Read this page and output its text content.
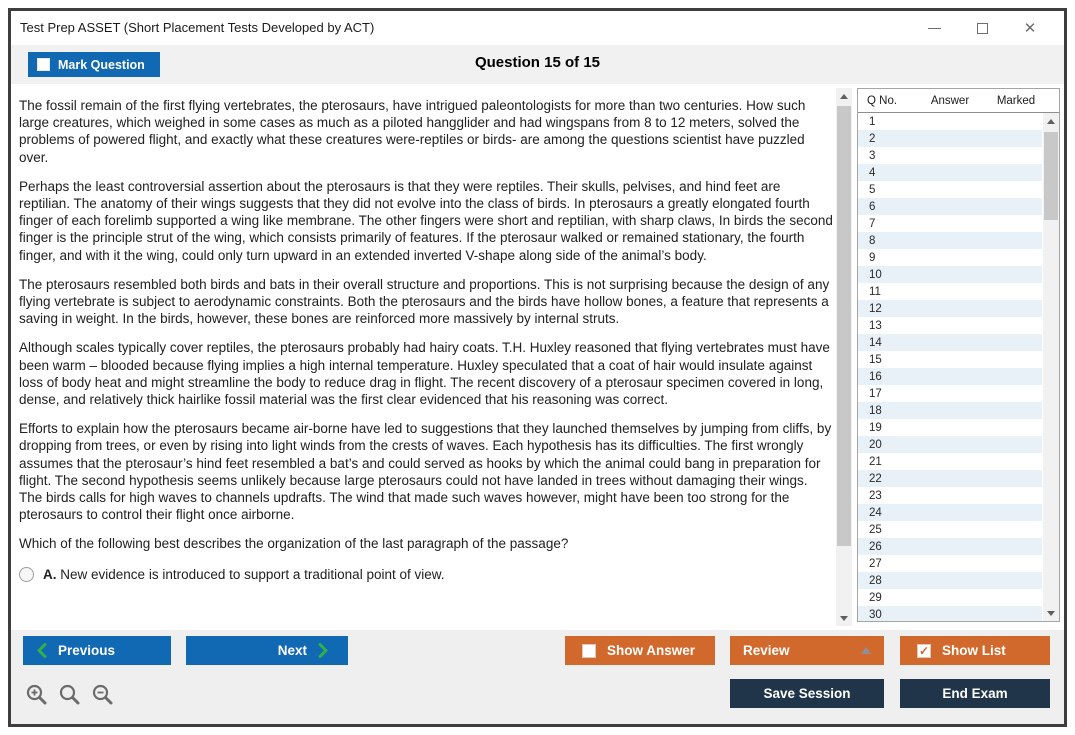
Test Prep ASSET (Short Placement Tests Developed by ACT)	✕
Question 15 of 15
Mark Question

The fossil remain of the first flying vertebrates, the pterosaurs, have intrigued paleontologists for more than two centuries. How such large creatures, which weighed in some cases as much as a piloted hangglider and had wingspans from 8 to 12 meters, solved the problems of powered flight, and exactly what these creatures were-reptiles or birds- are among the questions scientist have puzzled over.

Perhaps the least controversial assertion about the pterosaurs is that they were reptiles. Their skulls, pelvises, and hind feet are reptilian. The anatomy of their wings suggests that they did not evolve into the class of birds. In pterosaurs a greatly elongated fourth finger of each forelimb supported a wing like membrane. The other fingers were short and reptilian, with sharp claws, In birds the second finger is the principle strut of the wing, which consists primarily of features. If the pterosaur walked or remained stationary, the fourth finger, and with it the wing, could only turn upward in an extended inverted V-shape along side of the animal’s body.

The pterosaurs resembled both birds and bats in their overall structure and proportions. This is not surprising because the design of any flying vertebrate is subject to aerodynamic constraints. Both the pterosaurs and the birds have hollow bones, a feature that represents a saving in weight. In the birds, however, these bones are reinforced more massively by internal struts.

Although scales typically cover reptiles, the pterosaurs probably had hairy coats. T.H. Huxley reasoned that flying vertebrates must have been warm – blooded because flying implies a high internal temperature. Huxley speculated that a coat of hair would insulate against loss of body heat and might streamline the body to reduce drag in flight. The recent discovery of a pterosaur specimen covered in long, dense, and relatively thick hairlike fossil material was the first clear evidenced that his reasoning was correct.

Efforts to explain how the pterosaurs became air-borne have led to suggestions that they launched themselves by jumping from cliffs, by dropping from trees, or even by rising into light winds from the crests of waves. Each hypothesis has its difficulties. The first wrongly assumes that the pterosaur’s hind feet resembled a bat’s and could served as hooks by which the animal could bang in preparation for flight. The second hypothesis seems unlikely because large pterosaurs could not have landed in trees without damaging their wings. The birds calls for high waves to channels updrafts. The wind that made such waves however, might have been too strong for the pterosaurs to control their flight once airborne.

Which of the following best describes the organization of the last paragraph of the passage?

A. New evidence is introduced to support a traditional point of view.
Q No.	Answer	Marked
1
2
3
4
5
6
7
8
9
10
11
12
13
14
15
16
17
18
19
20
21
22
23
24
25
26
27
28
29
30
Previous	Next	Show Answer	Review	✓ Show List
Save Session	End Exam
